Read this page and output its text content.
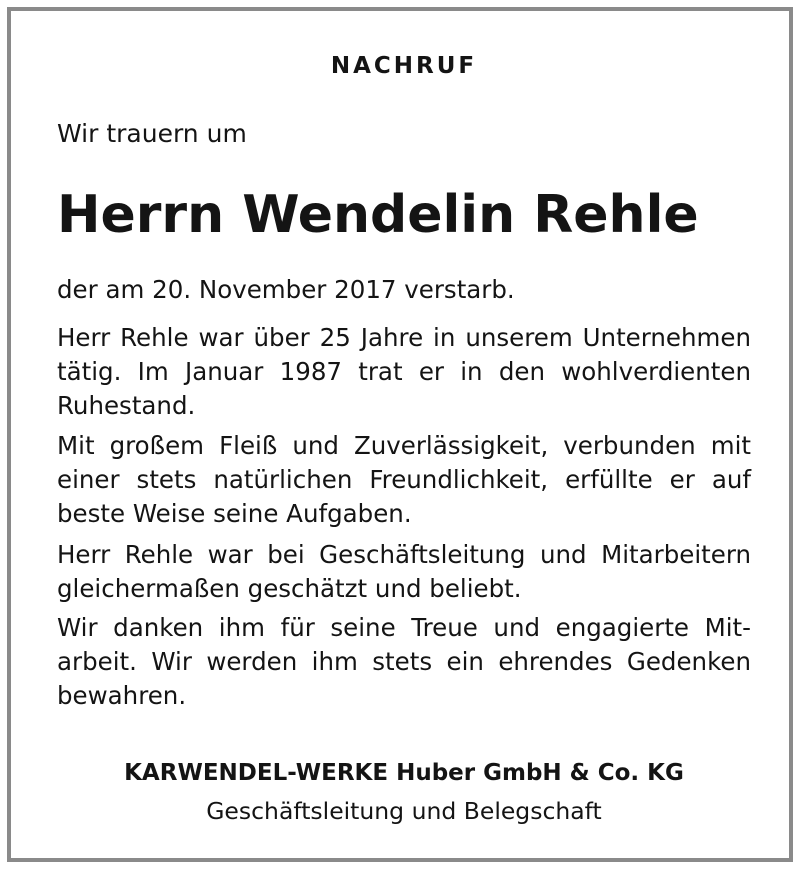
NACHRUF
Wir trauern um
Herrn Wendelin Rehle
der am 20. November 2017 verstarb.
Herr Rehle war über 25 Jahre in unserem Unternehmen tätig. Im Januar 1987 trat er in den wohlverdienten Ruhestand.
Mit großem Fleiß und Zuverlässigkeit, verbunden mit einer stets natürlichen Freundlichkeit, erfüllte er auf beste Weise seine Aufgaben.
Herr Rehle war bei Geschäftsleitung und Mitarbeitern gleichermaßen geschätzt und beliebt.
Wir danken ihm für seine Treue und engagierte Mitarbeit. Wir werden ihm stets ein ehrendes Gedenken bewahren.
KARWENDEL-WERKE Huber GmbH & Co. KG
Geschäftsleitung und Belegschaft
